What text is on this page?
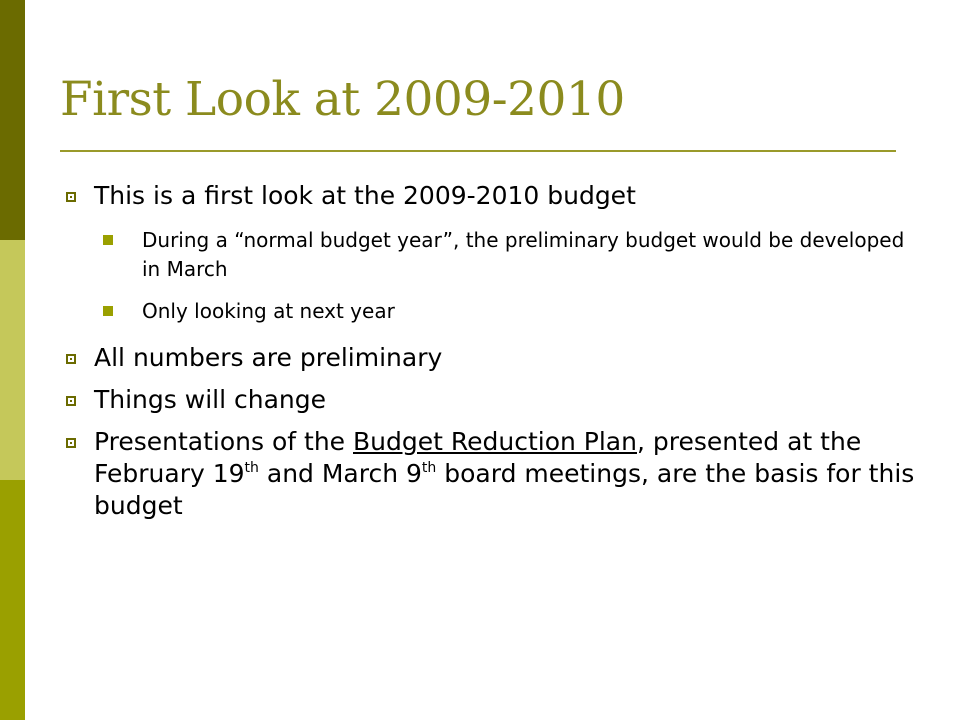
First Look at 2009-2010
This is a first look at the 2009-2010 budget
During a “normal budget year”, the preliminary budget would be developed in March
Only looking at next year
All numbers are preliminary
Things will change
Presentations of the Budget Reduction Plan, presented at the February 19th and March 9th board meetings, are the basis for this budget
